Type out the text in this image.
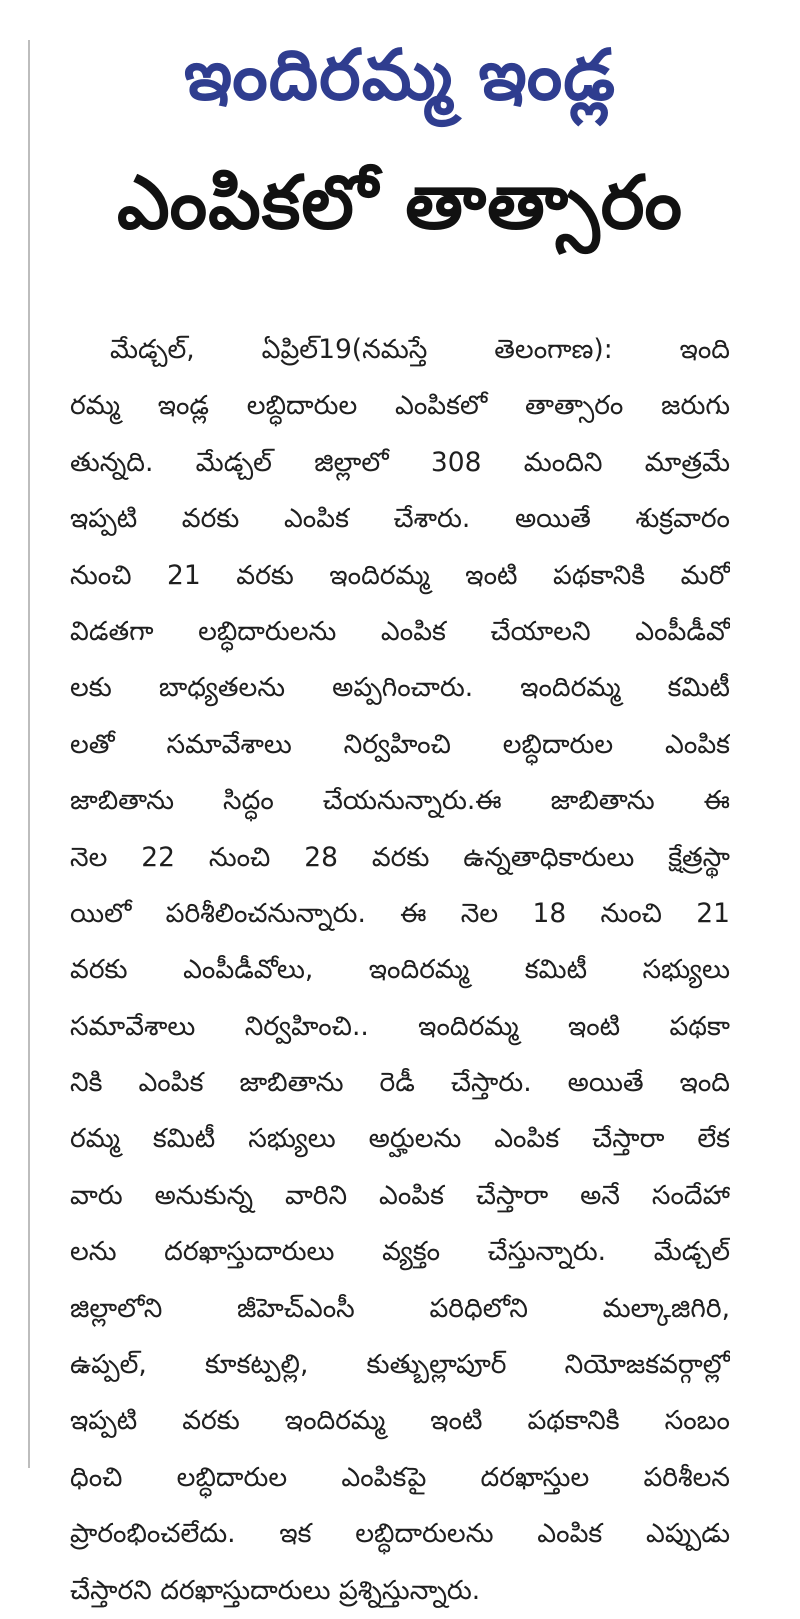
ఇందిరమ్మ ఇండ్ల
ఎంపికలో తాత్సారం
మేడ్చల్, ఏప్రిల్19(నమస్తే తెలంగాణ): ఇంది
రమ్మ ఇండ్ల లబ్ధిదారుల ఎంపికలో తాత్సారం జరుగు
తున్నది. మేడ్చల్ జిల్లాలో 308 మందిని మాత్రమే
ఇప్పటి వరకు ఎంపిక చేశారు. అయితే శుక్రవారం
నుంచి 21 వరకు ఇందిరమ్మ ఇంటి పథకానికి మరో
విడతగా లబ్ధిదారులను ఎంపిక చేయాలని ఎంపీడీవో
లకు బాధ్యతలను అప్పగించారు. ఇందిరమ్మ కమిటీ
లతో సమావేశాలు నిర్వహించి లబ్ధిదారుల ఎంపిక
జాబితాను సిద్ధం చేయనున్నారు.ఈ జాబితాను ఈ
నెల 22 నుంచి 28 వరకు ఉన్నతాధికారులు క్షేత్రస్థా
యిలో పరిశీలించనున్నారు. ఈ నెల 18 నుంచి 21
వరకు ఎంపీడీవోలు, ఇందిరమ్మ కమిటీ సభ్యులు
సమావేశాలు నిర్వహించి.. ఇందిరమ్మ ఇంటి పథకా
నికి ఎంపిక జాబితాను రెడీ చేస్తారు. అయితే ఇంది
రమ్మ కమిటీ సభ్యులు అర్హులను ఎంపిక చేస్తారా లేక
వారు అనుకున్న వారిని ఎంపిక చేస్తారా అనే సందేహా
లను దరఖాస్తుదారులు వ్యక్తం చేస్తున్నారు. మేడ్చల్
జిల్లాలోని జీహెచ్ఎంసీ పరిధిలోని మల్కాజిగిరి,
ఉప్పల్, కూకట్పల్లి, కుత్బుల్లాపూర్ నియోజకవర్గాల్లో
ఇప్పటి వరకు ఇందిరమ్మ ఇంటి పథకానికి సంబం
ధించి లబ్ధిదారుల ఎంపికపై దరఖాస్తుల పరిశీలన
ప్రారంభించలేదు. ఇక లబ్ధిదారులను ఎంపిక ఎప్పుడు
చేస్తారని దరఖాస్తుదారులు ప్రశ్నిస్తున్నారు.
